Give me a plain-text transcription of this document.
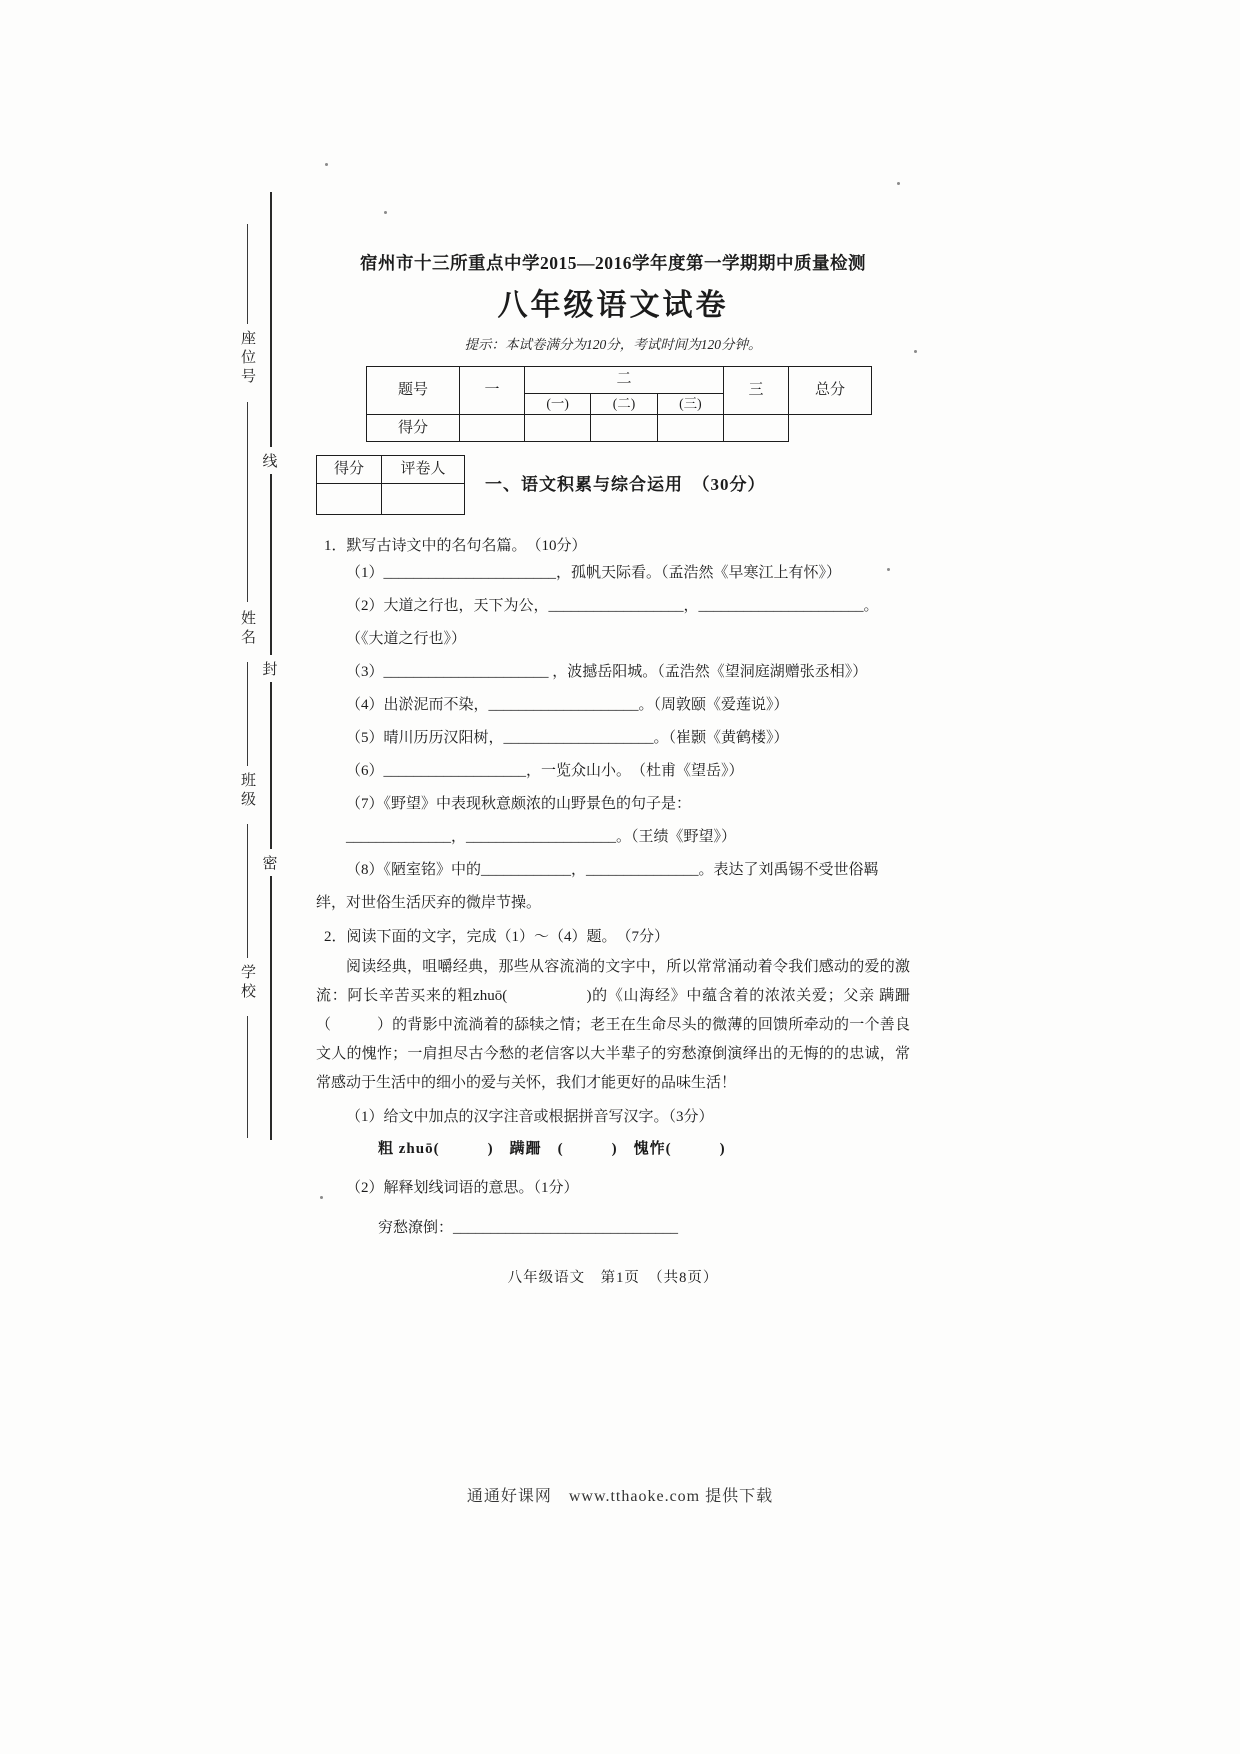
座位号
姓名
班级
学校
线
封
密
宿州市十三所重点中学2015—2016学年度第一学期期中质量检测
八年级语文试卷
提示：本试卷满分为120分，考试时间为120分钟。
题号	一	二			三	总分
		(一)	(二)	(三)		
得分						
得分	评卷人

一、语文积累与综合运用　（30分）
1．默写古诗文中的名句名篇。　（10分）
（1）_______________________，孤帆天际看。（孟浩然《早寒江上有怀》）
（2）大道之行也，天下为公，__________________，______________________。
（《大道之行也》）
（3）______________________ ，波撼岳阳城。（孟浩然《望洞庭湖赠张丞相》）
（4）出淤泥而不染，____________________。（周敦颐《爱莲说》）
（5）晴川历历汉阳树，____________________。（崔颢《黄鹤楼》）
（6）___________________，一览众山小。　（杜甫《望岳》）
（7）《野望》中表现秋意颇浓的山野景色的句子是：
______________，____________________。（王绩《野望》）
（8）《陋室铭》中的____________，_______________。表达了刘禹锡不受世俗羁
绊，对世俗生活厌弃的微岸节操。
2．阅读下面的文字，完成（1）～（4）题。　（7分）

阅读经典，咀嚼经典，那些从容流淌的文字中，所以常常涌动着令我们感动的爱的激流：阿长辛苦买来的粗zhuō(　　　　　)的《山海经》中蕴含着的浓浓关爱；父亲 蹒跚（　　　）的背影中流淌着的舔犊之情；老王在生命尽头的微薄的回馈所牵动的一个善良文人的愧怍；一肩担尽古今愁的老信客以大半辈子的穷愁潦倒演绎出的无悔的的忠诚，常常感动于生活中的细小的爱与关怀，我们才能更好的品味生活！

（1）给文中加点的汉字注音或根据拼音写汉字。（3分）
粗 zhuō(　　　)　蹒跚　(　　　)　愧怍(　　　)
（2）解释划线词语的意思。（1分）
穷愁潦倒：______________________________
八年级语文　第1页　（共8页）
通通好课网　www.tthaoke.com 提供下载
